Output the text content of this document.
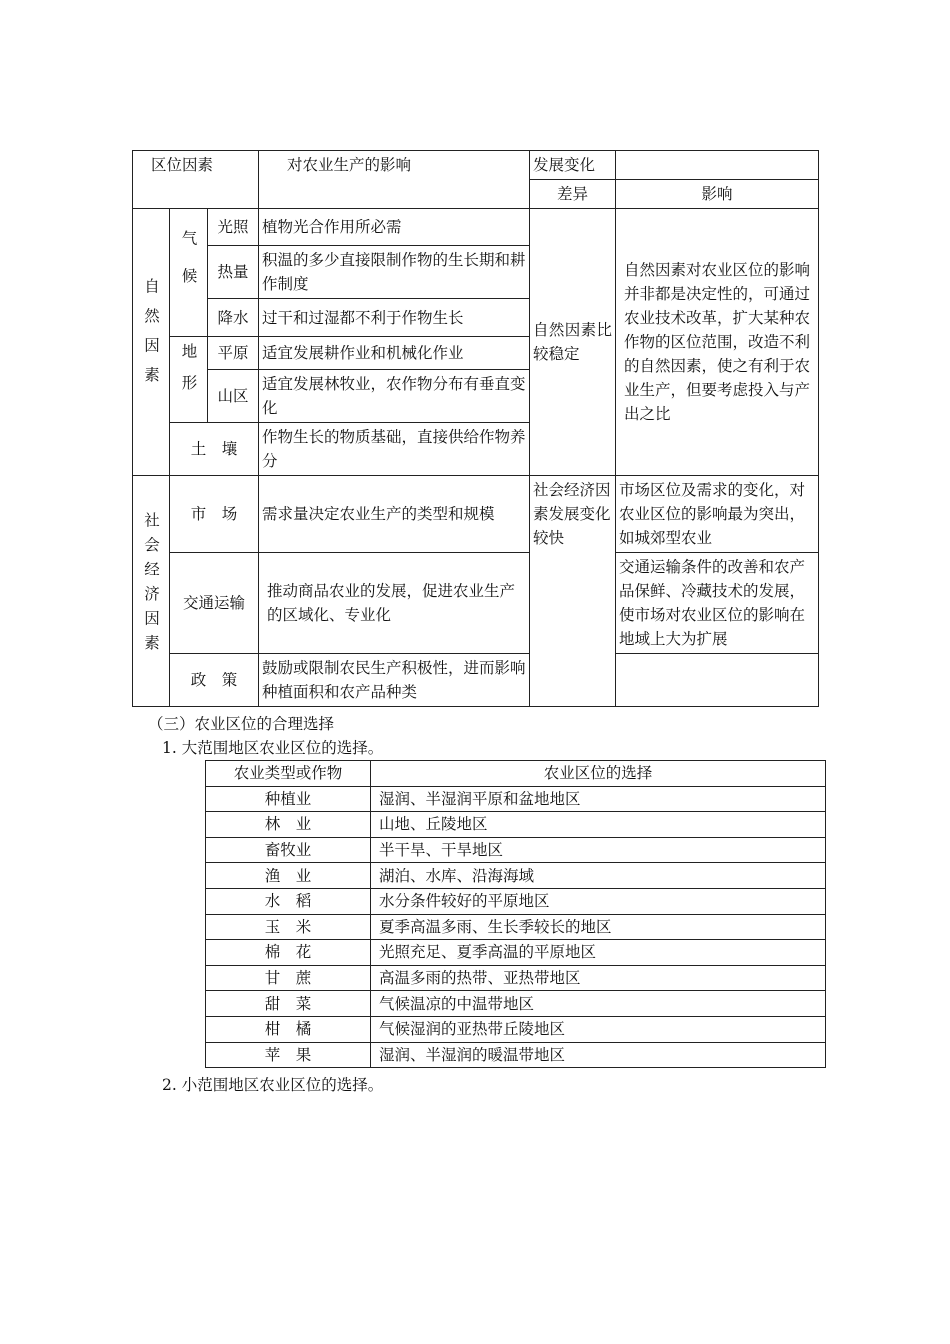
区位因素			对农业生产的影响	发展变化	
				差异	影响
自然因素	气候	光照	植物光合作用所必需	自然因素比较稳定	自然因素对农业区位的影响并非都是决定性的，可通过农业技术改革，扩大某种农作物的区位范围，改造不利的自然因素，使之有利于农业生产，但要考虑投入与产出之比
		热量	积温的多少直接限制作物的生长期和耕作制度		
		降水	过干和过湿都不利于作物生长		
	地形	平原	适宜发展耕作业和机械化作业		
		山区	适宜发展林牧业，农作物分布有垂直变化		
	土　壤		作物生长的物质基础，直接供给作物养分		
社会经济因素	市　场		需求量决定农业生产的类型和规模	社会经济因素发展变化较快	市场区位及需求的变化，对农业区位的影响最为突出，如城郊型农业
	交通运输		推动商品农业的发展，促进农业生产的区域化、专业化		交通运输条件的改善和农产品保鲜、冷藏技术的发展，使市场对农业区位的影响在地域上大为扩展
	政　策		鼓励或限制农民生产积极性，进而影响种植面积和农产品种类		

（三）农业区位的合理选择

1. 大范围地区农业区位的选择。

农业类型或作物	农业区位的选择
种植业	湿润、半湿润平原和盆地地区
林　业	山地、丘陵地区
畜牧业	半干旱、干旱地区
渔　业	湖泊、水库、沿海海域
水　稻	水分条件较好的平原地区
玉　米	夏季高温多雨、生长季较长的地区
棉　花	光照充足、夏季高温的平原地区
甘　蔗	高温多雨的热带、亚热带地区
甜　菜	气候温凉的中温带地区
柑　橘	气候湿润的亚热带丘陵地区
苹　果	湿润、半湿润的暖温带地区

2. 小范围地区农业区位的选择。
